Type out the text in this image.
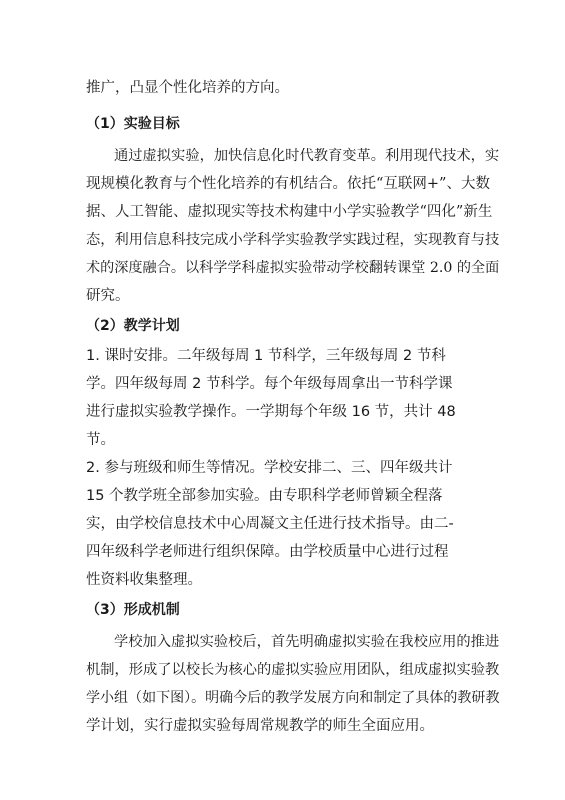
推广，凸显个性化培养的方向。
（1）实验目标
通过虚拟实验，加快信息化时代教育变革。利用现代技术，实
现规模化教育与个性化培养的有机结合。依托“互联网+”、大数
据、人工智能、虚拟现实等技术构建中小学实验教学“四化”新生
态，利用信息科技完成小学科学实验教学实践过程，实现教育与技
术的深度融合。以科学学科虚拟实验带动学校翻转课堂 2.0 的全面
研究。
（2）教学计划
1. 课时安排。二年级每周 1 节科学，三年级每周 2 节科
学。四年级每周 2 节科学。每个年级每周拿出一节科学课
进行虚拟实验教学操作。一学期每个年级 16 节，共计 48
节。
2. 参与班级和师生等情况。学校安排二、三、四年级共计
15 个教学班全部参加实验。由专职科学老师曾颖全程落
实，由学校信息技术中心周凝文主任进行技术指导。由二-
四年级科学老师进行组织保障。由学校质量中心进行过程
性资料收集整理。
（3）形成机制
学校加入虚拟实验校后，首先明确虚拟实验在我校应用的推进
机制，形成了以校长为核心的虚拟实验应用团队，组成虚拟实验教
学小组（如下图）。明确今后的教学发展方向和制定了具体的教研教
学计划，实行虚拟实验每周常规教学的师生全面应用。
